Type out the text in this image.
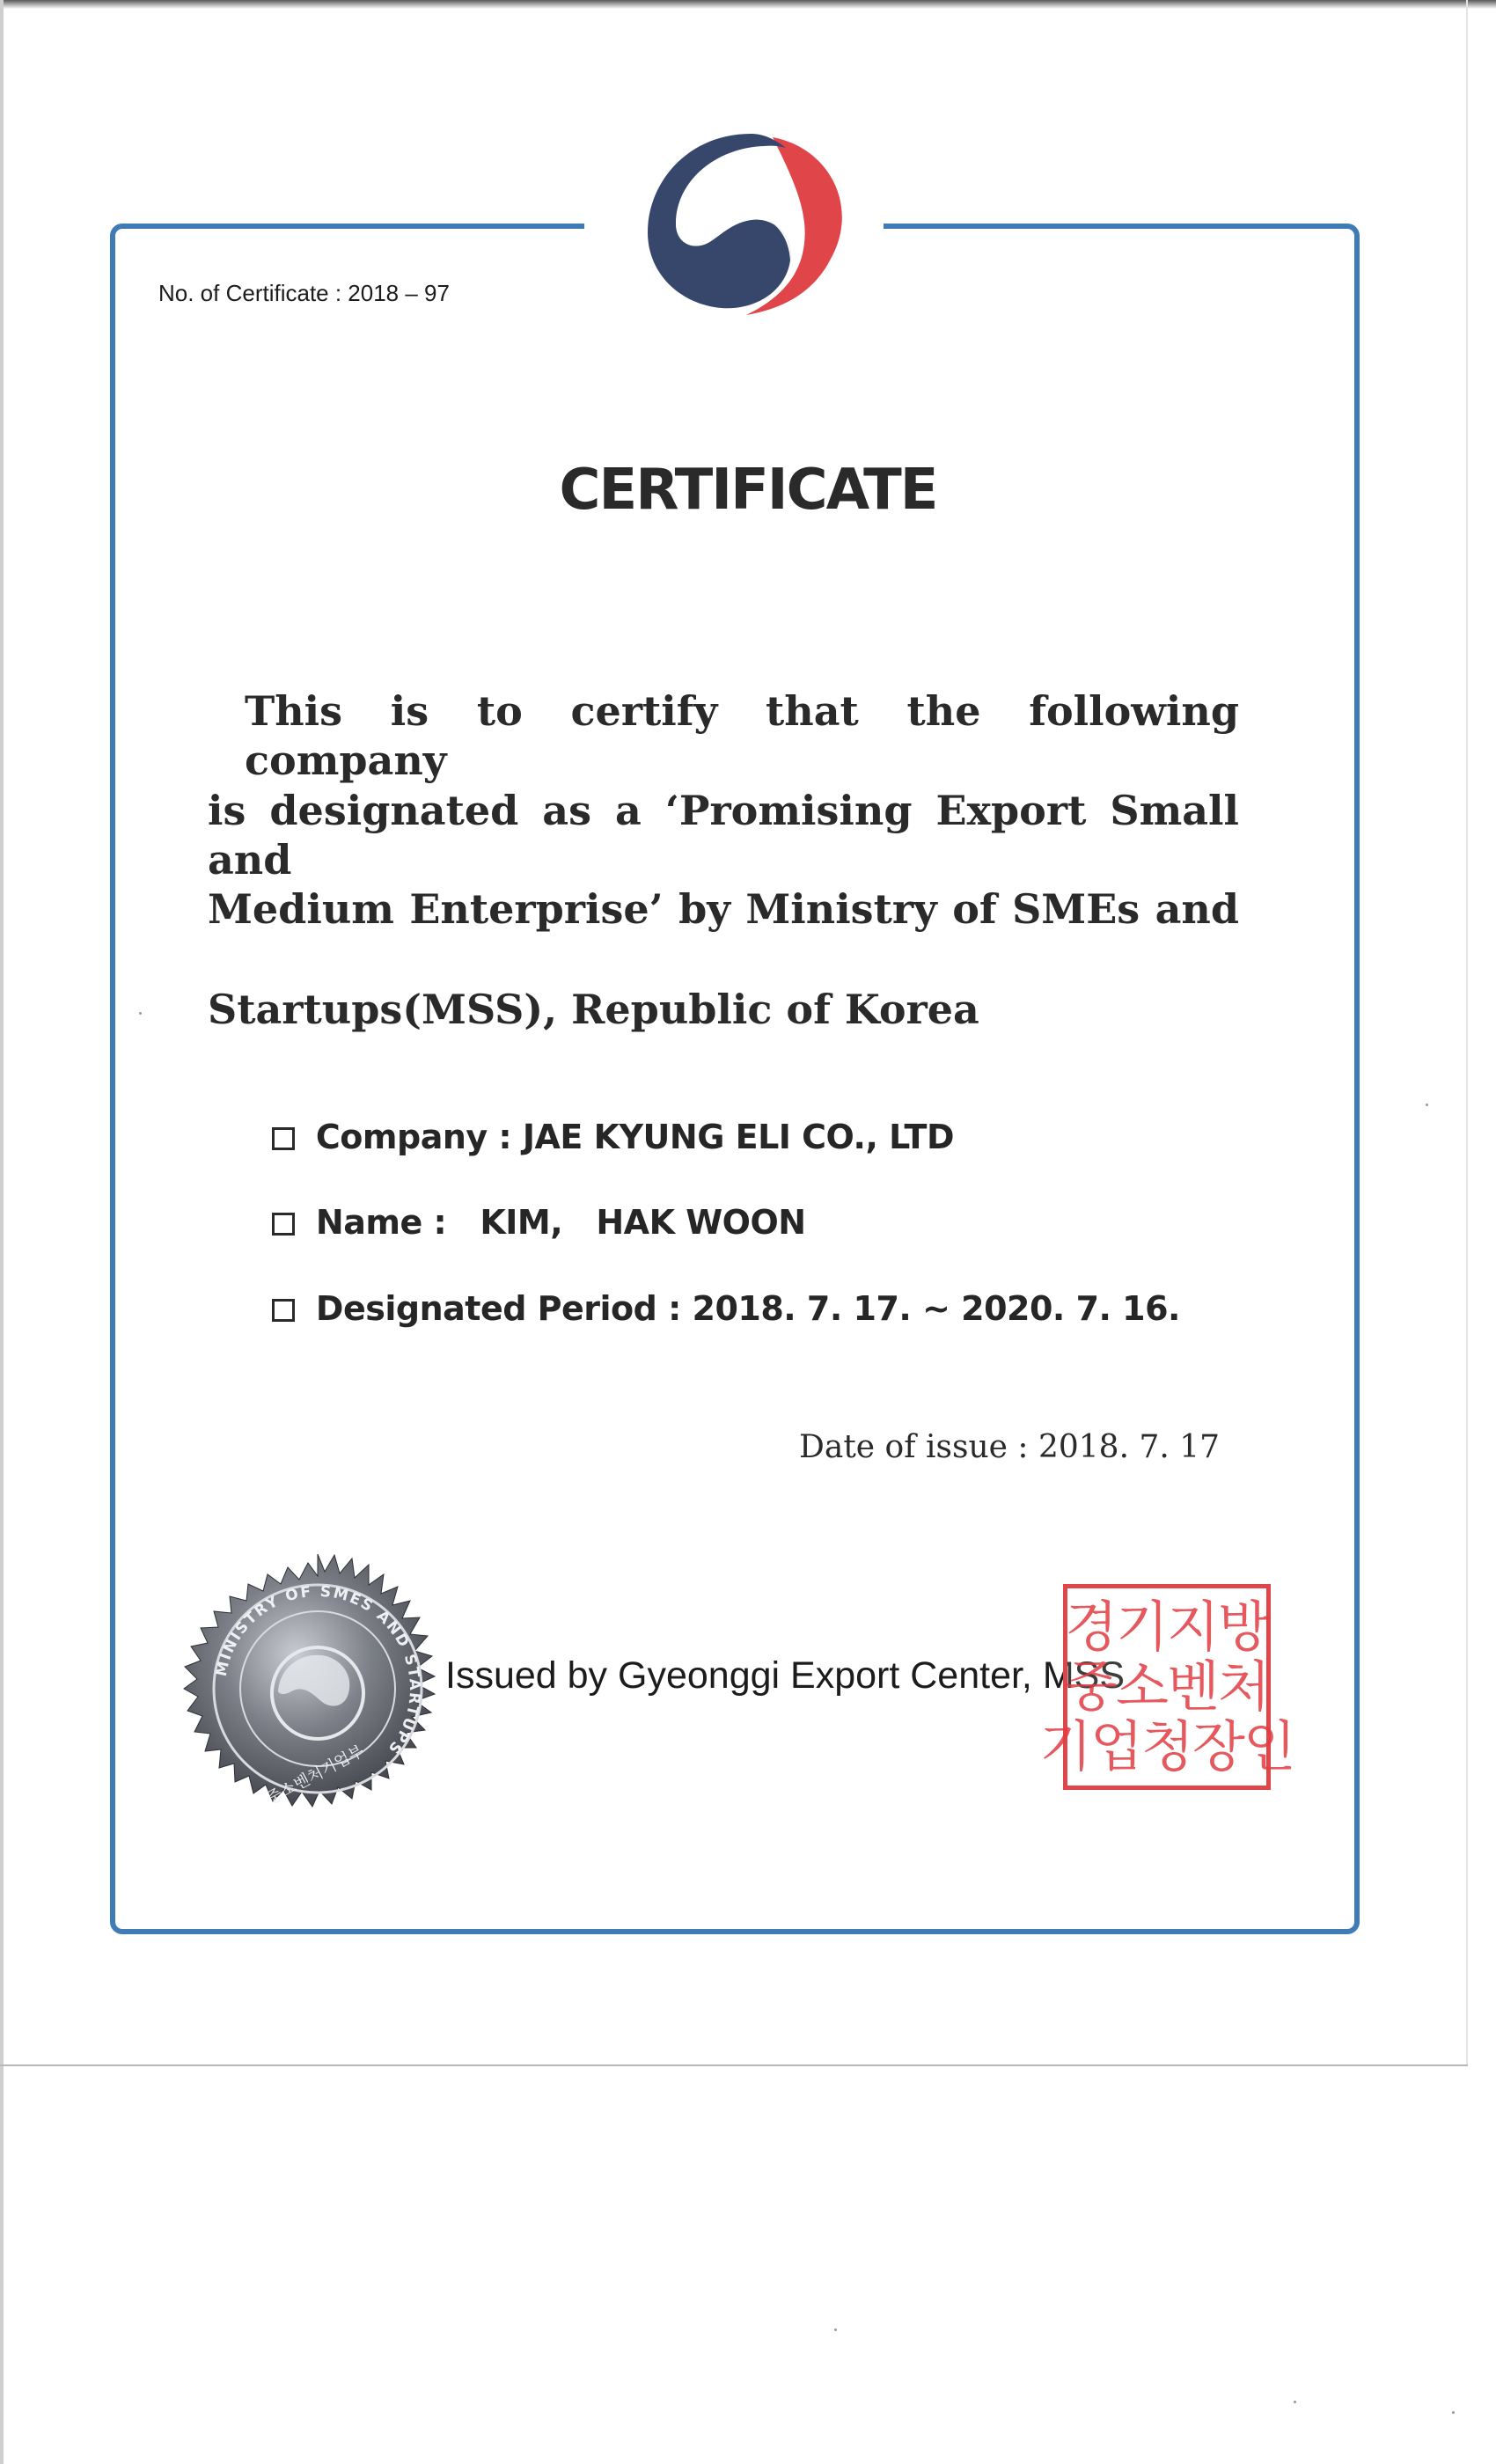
No. of Certificate : 2018 – 97
CERTIFICATE
This is to certify that the following company
is designated as a ‘Promising Export Small and
Medium Enterprise’ by Ministry of SMEs and
Startups(MSS), Republic of Korea

Company : JAE KYUNG ELI CO., LTD

Name :   KIM,   HAK WOON

Designated Period : 2018. 7. 17. ~ 2020. 7. 16.

Date of issue : 2018. 7. 17
Issued by Gyeonggi Export Center, MSS
MINISTRY OF SMES AND STARTUPS
중소벤처기업부
경기지방
중소벤처
기업청장인
